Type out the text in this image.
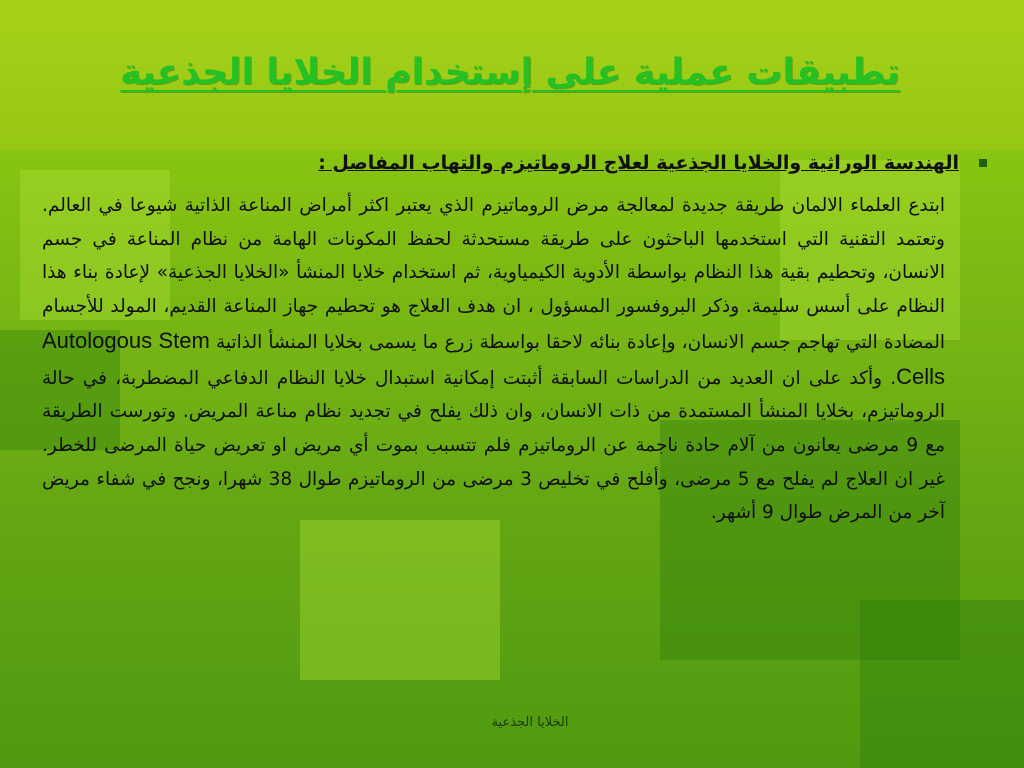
تطبيقات عملية على إستخدام الخلايا الجذعية
الهندسة الوراثية والخلايا الجذعية لعلاج الروماتيزم والتهاب المفاصل :
ابتدع العلماء الالمان طريقة جديدة لمعالجة مرض الروماتيزم الذي يعتبر اكثر أمراض المناعة الذاتية شيوعا في العالم. وتعتمد التقنية التي استخدمها الباحثون على طريقة مستحدثة لحفظ المكونات الهامة من نظام المناعة في جسم الانسان، وتحطيم بقية هذا النظام بواسطة الأدوية الكيمياوية، ثم استخدام خلايا المنشأ «الخلايا الجذعية» لإعادة بناء هذا النظام على أسس سليمة. وذكر البروفسور المسؤول ، ان هدف العلاج هو تحطيم جهاز المناعة القديم، المولد للأجسام المضادة التي تهاجم جسم الانسان، وإعادة بنائه لاحقا بواسطة زرع ما يسمى بخلايا المنشأ الذاتية Autologous Stem Cells. وأكد على ان العديد من الدراسات السابقة أثبتت إمكانية استبدال خلايا النظام الدفاعي المضطربة، في حالة الروماتيزم، بخلايا المنشأ المستمدة من ذات الانسان، وان ذلك يفلح في تجديد نظام مناعة المريض. وتورست الطريقة مع 9 مرضى يعانون من آلام حادة ناجمة عن الروماتيزم فلم تتسبب بموت أي مريض او تعريض حياة المرضى للخطر. غير ان العلاج لم يفلح مع 5 مرضى، وأفلح في تخليص 3 مرضى من الروماتيزم طوال 38 شهرا، ونجح في شفاء مريض آخر من المرض طوال 9 أشهر.
الخلايا الجذعية
